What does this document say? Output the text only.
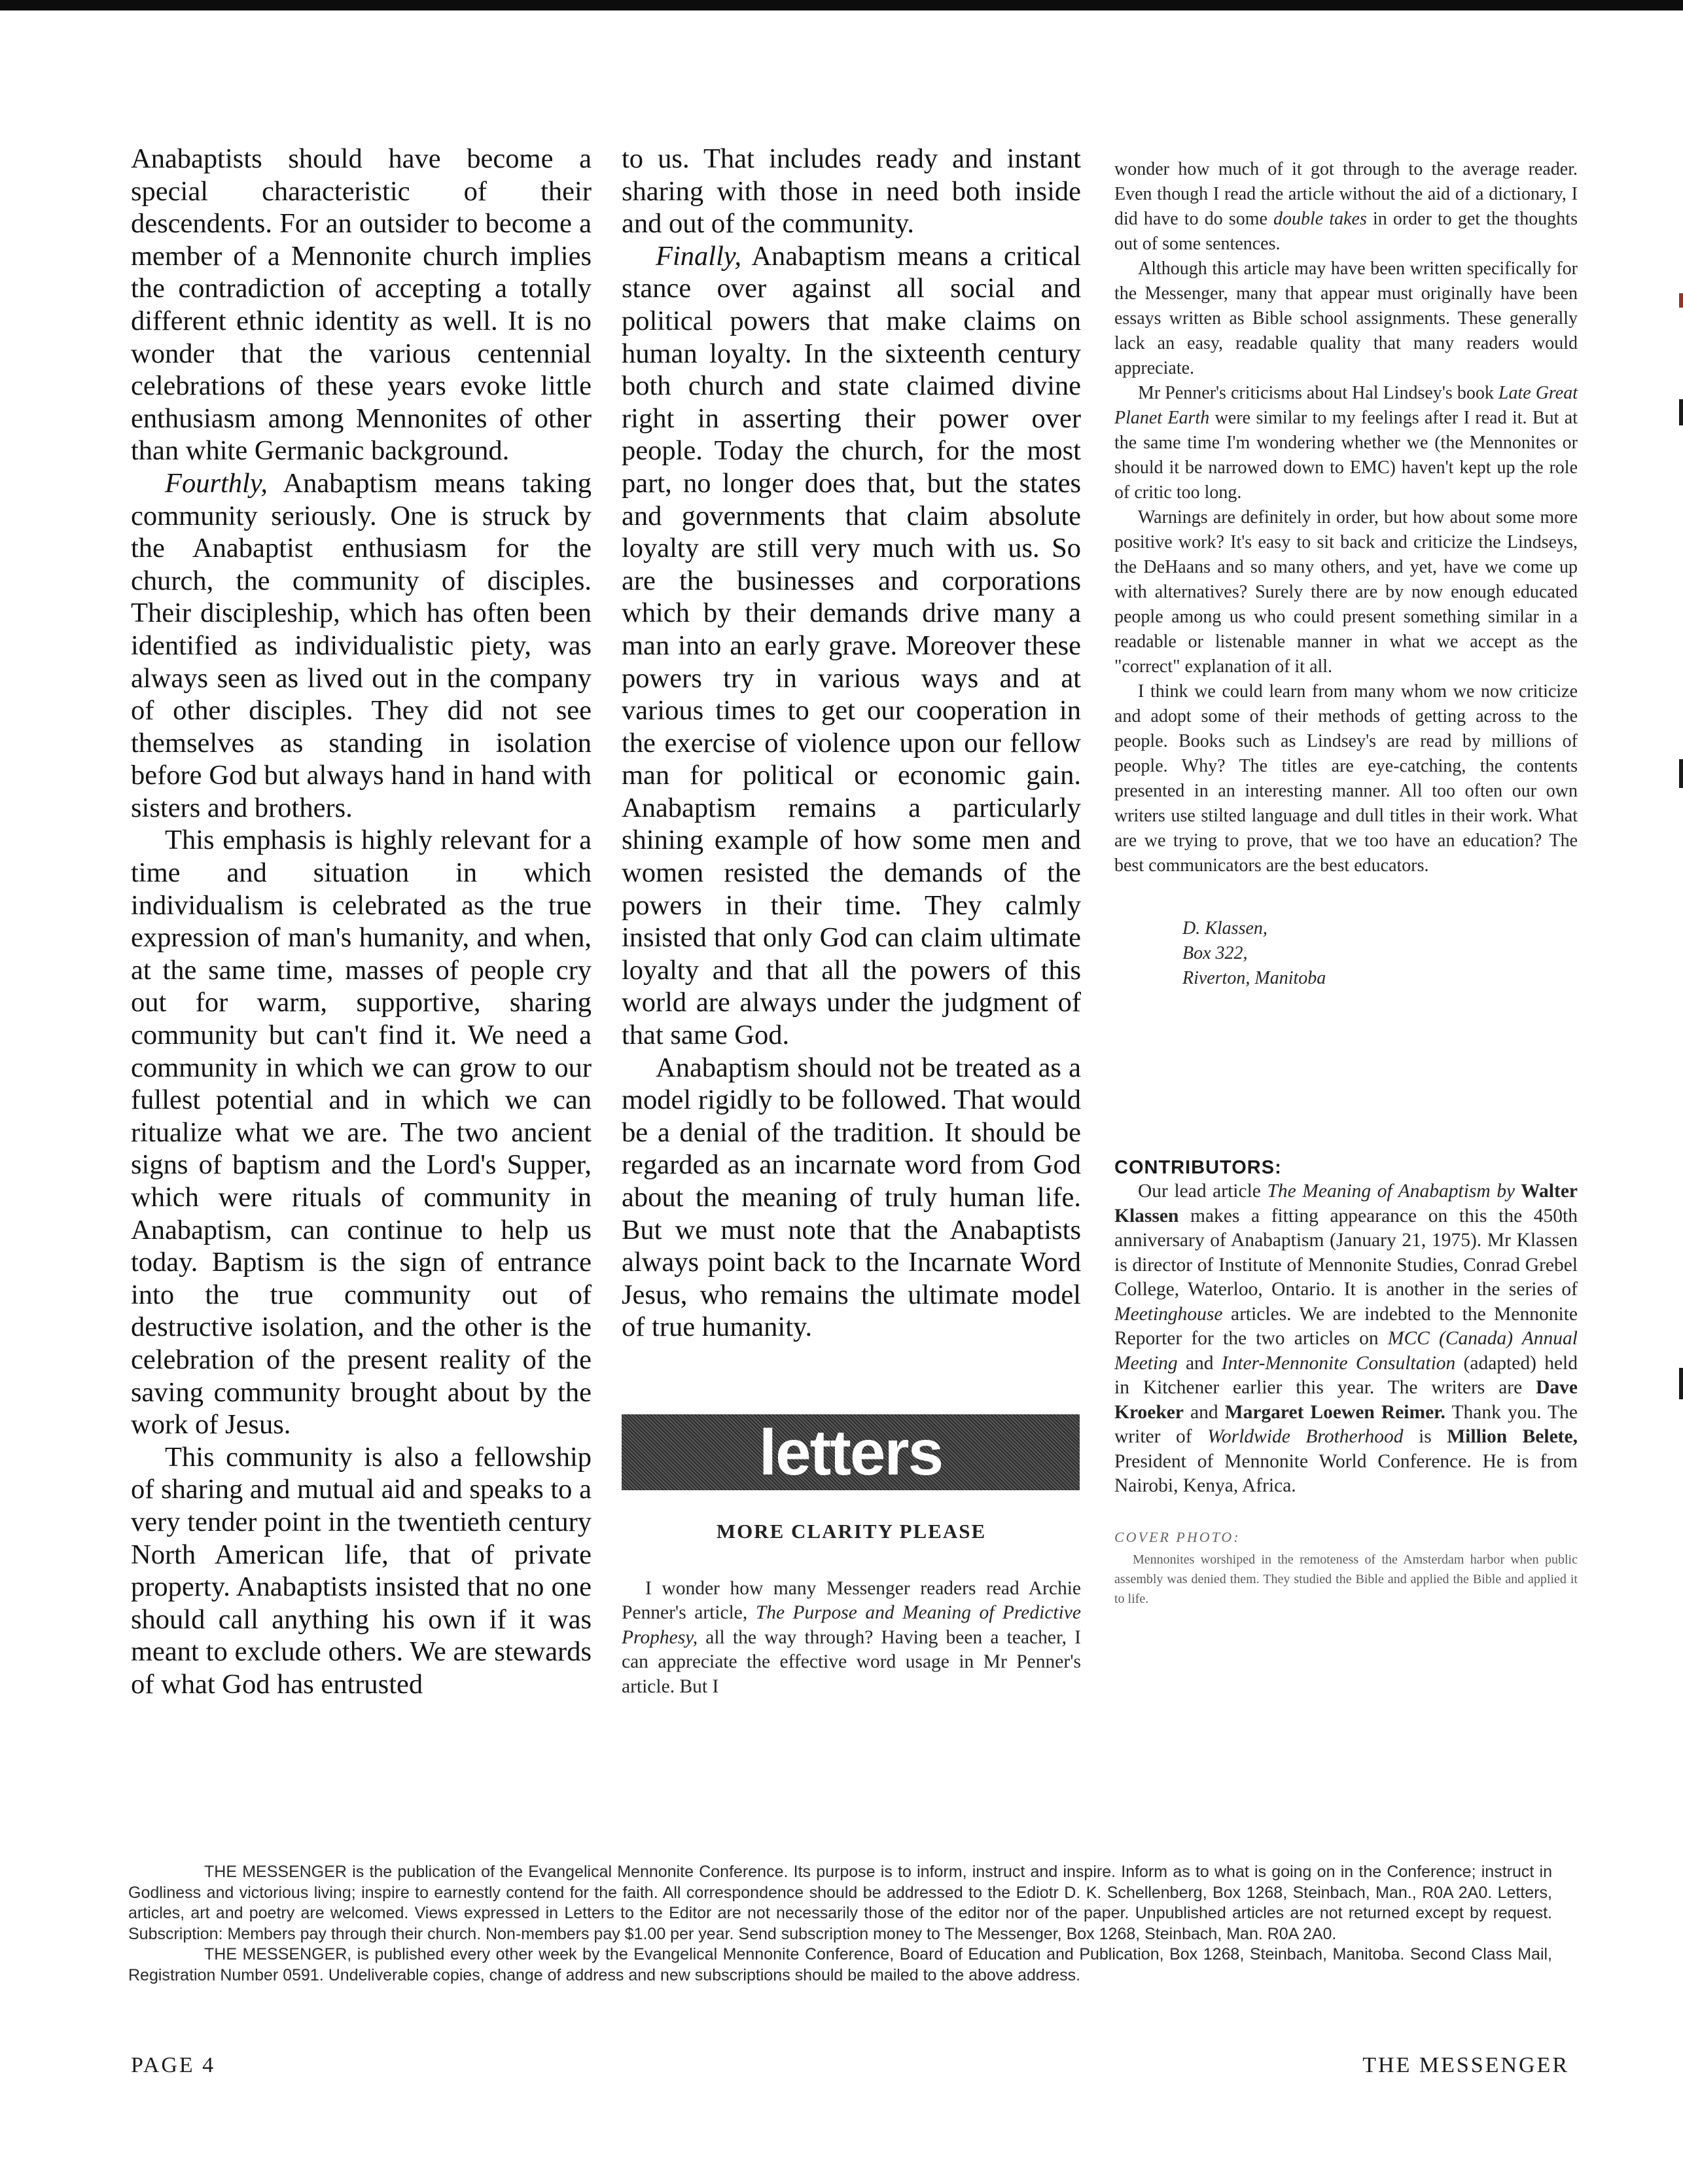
Anabaptists should have become a special characteristic of their descendents. For an outsider to become a member of a Mennonite church implies the contradiction of accepting a totally different ethnic identity as well. It is no wonder that the various centennial celebrations of these years evoke little enthusiasm among Mennonites of other than white Germanic background.

Fourthly, Anabaptism means taking community seriously. One is struck by the Anabaptist enthusiasm for the church, the community of disciples. Their discipleship, which has often been identified as individualistic piety, was always seen as lived out in the company of other disciples. They did not see themselves as standing in isolation before God but always hand in hand with sisters and brothers.

This emphasis is highly relevant for a time and situation in which individualism is celebrated as the true expression of man's humanity, and when, at the same time, masses of people cry out for warm, supportive, sharing community but can't find it. We need a community in which we can grow to our fullest potential and in which we can ritualize what we are. The two ancient signs of baptism and the Lord's Supper, which were rituals of community in Anabaptism, can continue to help us today. Baptism is the sign of entrance into the true community out of destructive isolation, and the other is the celebration of the present reality of the saving community brought about by the work of Jesus.

This community is also a fellowship of sharing and mutual aid and speaks to a very tender point in the twentieth century North American life, that of private property. Anabaptists insisted that no one should call anything his own if it was meant to exclude others. We are stewards of what God has entrusted

to us. That includes ready and instant sharing with those in need both inside and out of the community.

Finally, Anabaptism means a critical stance over against all social and political powers that make claims on human loyalty. In the sixteenth century both church and state claimed divine right in asserting their power over people. Today the church, for the most part, no longer does that, but the states and governments that claim absolute loyalty are still very much with us. So are the businesses and corporations which by their demands drive many a man into an early grave. Moreover these powers try in various ways and at various times to get our cooperation in the exercise of violence upon our fellow man for political or economic gain. Anabaptism remains a particularly shining example of how some men and women resisted the demands of the powers in their time. They calmly insisted that only God can claim ultimate loyalty and that all the powers of this world are always under the judgment of that same God.

Anabaptism should not be treated as a model rigidly to be followed. That would be a denial of the tradition. It should be regarded as an incarnate word from God about the meaning of truly human life. But we must note that the Anabaptists always point back to the Incarnate Word Jesus, who remains the ultimate model of true humanity.

letters
MORE CLARITY PLEASE

I wonder how many Messenger readers read Archie Penner's article, The Purpose and Meaning of Predictive Prophesy, all the way through? Having been a teacher, I can appreciate the effective word usage in Mr Penner's article. But I

wonder how much of it got through to the average reader. Even though I read the article without the aid of a dictionary, I did have to do some double takes in order to get the thoughts out of some sentences.

Although this article may have been written specifically for the Messenger, many that appear must originally have been essays written as Bible school assignments. These generally lack an easy, readable quality that many readers would appreciate.

Mr Penner's criticisms about Hal Lindsey's book Late Great Planet Earth were similar to my feelings after I read it. But at the same time I'm wondering whether we (the Mennonites or should it be narrowed down to EMC) haven't kept up the role of critic too long.

Warnings are definitely in order, but how about some more positive work? It's easy to sit back and criticize the Lindseys, the DeHaans and so many others, and yet, have we come up with alternatives? Surely there are by now enough educated people among us who could present something similar in a readable or listenable manner in what we accept as the "correct" explanation of it all.

I think we could learn from many whom we now criticize and adopt some of their methods of getting across to the people. Books such as Lindsey's are read by millions of people. Why? The titles are eye-catching, the contents presented in an interesting manner. All too often our own writers use stilted language and dull titles in their work. What are we trying to prove, that we too have an education? The best communicators are the best educators.

D. Klassen,
Box 322,
Riverton, Manitoba
CONTRIBUTORS:

Our lead article The Meaning of Anabaptism by Walter Klassen makes a fitting appearance on this the 450th anniversary of Anabaptism (January 21, 1975). Mr Klassen is director of Institute of Mennonite Studies, Conrad Grebel College, Waterloo, Ontario. It is another in the series of Meetinghouse articles. We are indebted to the Mennonite Reporter for the two articles on MCC (Canada) Annual Meeting and Inter-Mennonite Consultation (adapted) held in Kitchener earlier this year. The writers are Dave Kroeker and Margaret Loewen Reimer. Thank you. The writer of Worldwide Brotherhood is Million Belete, President of Mennonite World Conference. He is from Nairobi, Kenya, Africa.

COVER PHOTO:

Mennonites worshiped in the remoteness of the Amsterdam harbor when public assembly was denied them. They studied the Bible and applied the Bible and applied it to life.

THE MESSENGER is the publication of the Evangelical Mennonite Conference. Its purpose is to inform, instruct and inspire. Inform as to what is going on in the Conference; instruct in Godliness and victorious living; inspire to earnestly contend for the faith. All correspondence should be addressed to the Ediotr D. K. Schellenberg, Box 1268, Steinbach, Man., R0A 2A0. Letters, articles, art and poetry are welcomed. Views expressed in Letters to the Editor are not necessarily those of the editor nor of the paper. Unpublished articles are not returned except by request. Subscription: Members pay through their church. Non-members pay $1.00 per year. Send subscription money to The Messenger, Box 1268, Steinbach, Man. R0A 2A0.

THE MESSENGER, is published every other week by the Evangelical Mennonite Conference, Board of Education and Publication, Box 1268, Steinbach, Manitoba. Second Class Mail, Registration Number 0591. Undeliverable copies, change of address and new subscriptions should be mailed to the above address.

PAGE 4	THE MESSENGER
